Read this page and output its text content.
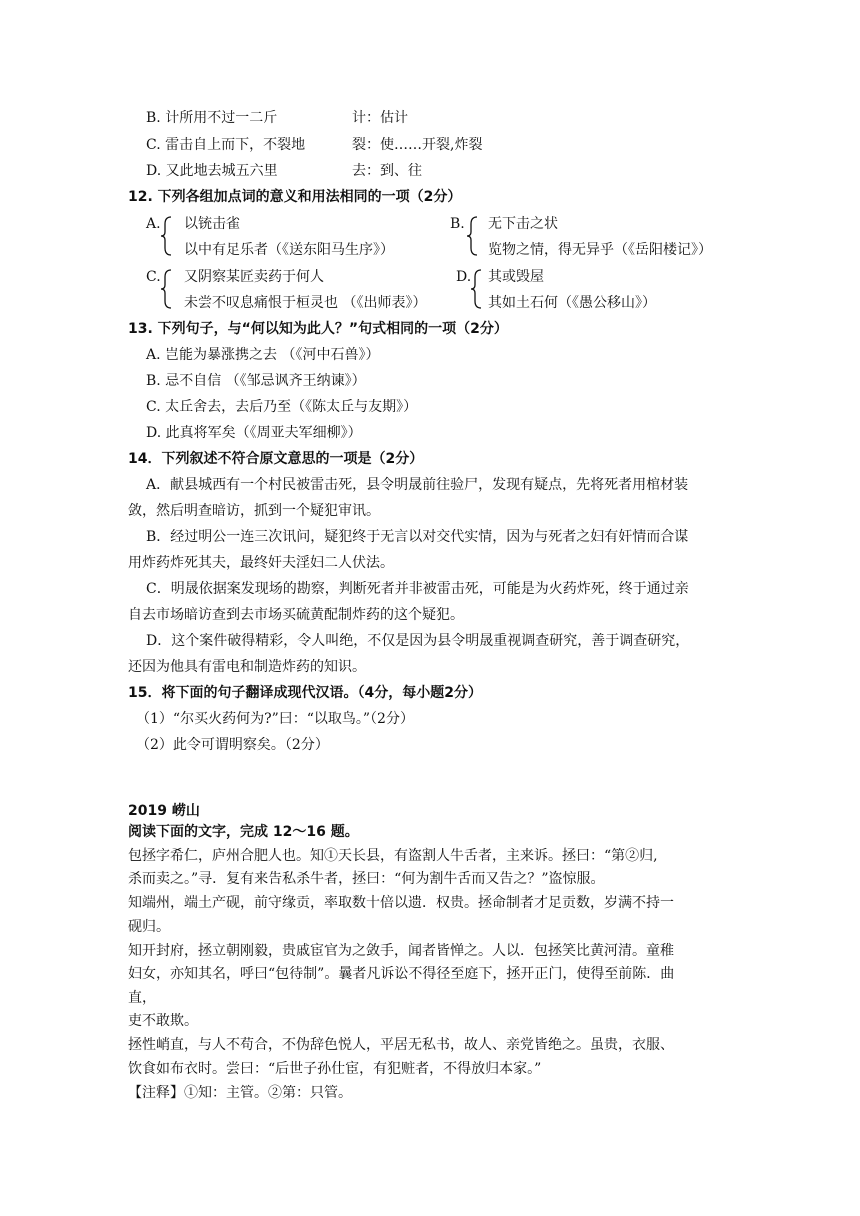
B. 计所用不过一二斤	计：估计
C. 雷击自上而下，不裂地	裂：使……开裂,炸裂
D. 又此地去城五六里	去：到、往
12. 下列各组加点词的意义和用法相同的一项（2分）
A. 以铳击雀
以中有足乐者（《送东阳马生序》）
B. 无下击之状
览物之情，得无异乎（《岳阳楼记》）
C. 又阴察某匠卖药于何人
未尝不叹息痛恨于桓灵也 （《出师表》）
D. 其或毁屋
其如土石何（《愚公移山》）
13. 下列句子，与“何以知为此人？”句式相同的一项（2分）
A. 岂能为暴涨携之去 （《河中石兽》）
B. 忌不自信 （《邹忌讽齐王纳谏》）
C. 太丘舍去，去后乃至（《陈太丘与友期》）
D. 此真将军矣（《周亚夫军细柳》）
14．下列叙述不符合原文意思的一项是（2分）
A．献县城西有一个村民被雷击死，县令明晟前往验尸，发现有疑点，先将死者用棺材装
敛，然后明查暗访，抓到一个疑犯审讯。
B．经过明公一连三次讯问，疑犯终于无言以对交代实情，因为与死者之妇有奸情而合谋
用炸药炸死其夫，最终奸夫淫妇二人伏法。
C．明晟依据案发现场的勘察，判断死者并非被雷击死，可能是为火药炸死，终于通过亲
自去市场暗访查到去市场买硫黄配制炸药的这个疑犯。
D．这个案件破得精彩，令人叫绝，不仅是因为县令明晟重视调查研究，善于调查研究，
还因为他具有雷电和制造炸药的知识。
15．将下面的句子翻译成现代汉语。（4分，每小题2分）
（1）“尔买火药何为?”曰：“以取鸟。”（2分）
（2）此令可谓明察矣。（2分）
2019 崂山
阅读下面的文字，完成 12～16 题。
包拯字希仁，庐州合肥人也。知①天长县，有盗割人牛舌者，主来诉。拯曰：“第②归,
杀而卖之。”寻．复有来告私杀牛者，拯曰：“何为割牛舌而又告之？”盗惊服。
知端州，端土产砚，前守缘贡，率取数十倍以遗．权贵。拯命制者才足贡数，岁满不持一
砚归。
知开封府，拯立朝刚毅，贵戚宦官为之敛手，闻者皆惮之。人以．包拯笑比黄河清。童稚
妇女，亦知其名，呼曰“包待制”。曩者凡诉讼不得径至庭下，拯开正门，使得至前陈．曲
直，
吏不敢欺。
拯性峭直，与人不苟合，不伪辞色悦人，平居无私书，故人、亲党皆绝之。虽贵，衣服、
饮食如布衣时。尝曰：“后世子孙仕宦，有犯赃者，不得放归本家。”
【注释】①知：主管。②第：只管。
